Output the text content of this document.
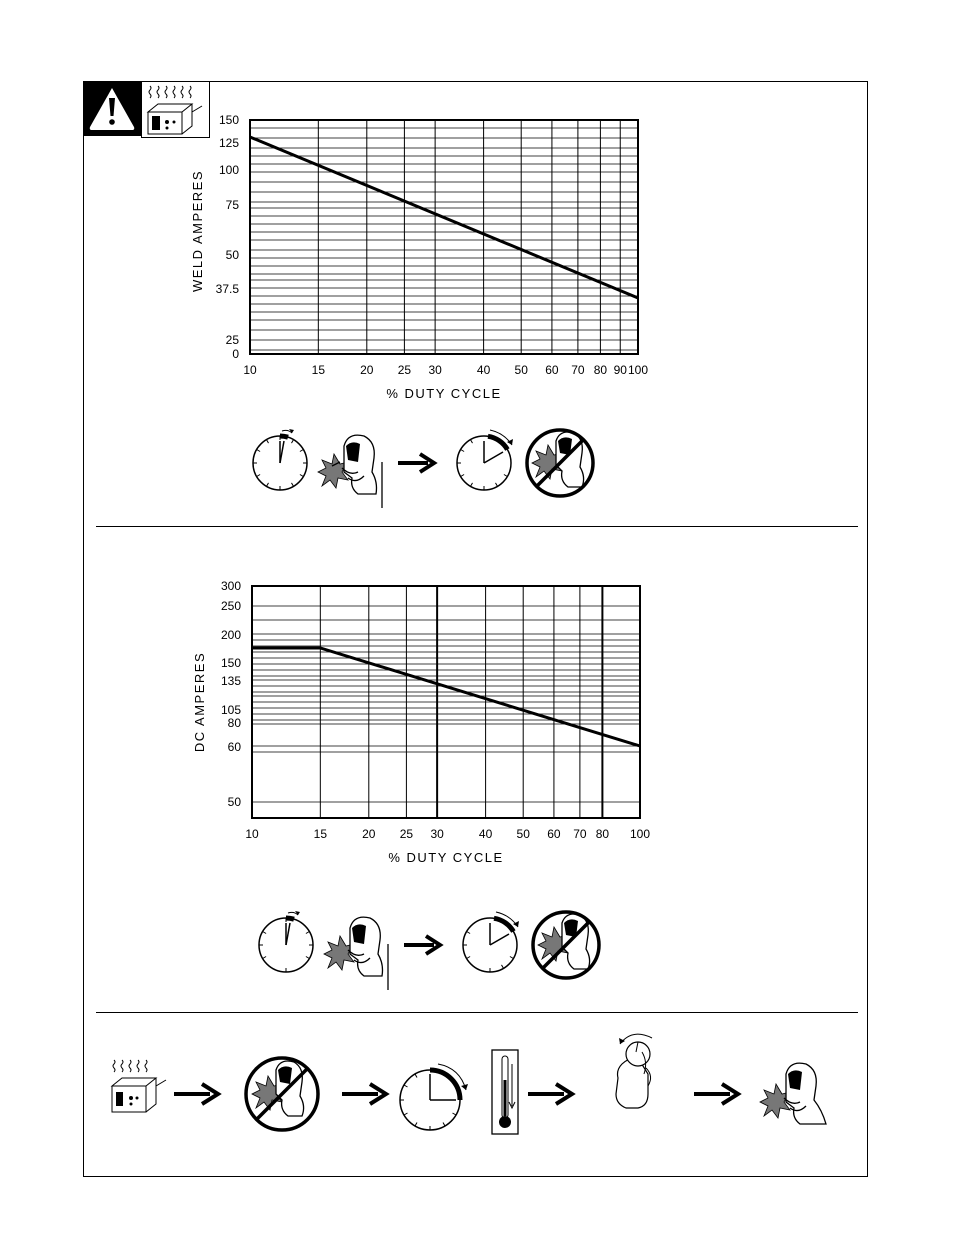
150
125
100
75
50
37.5
25
0
10	15	20 25 30	40 50 60 70 80 90 100
% DUTY CYCLE
WELD AMPERES
300
250
200
150
135
105
80
60
50
10	15	20 25 30	40 50 60 70 80 100
% DUTY CYCLE
DC AMPERES
